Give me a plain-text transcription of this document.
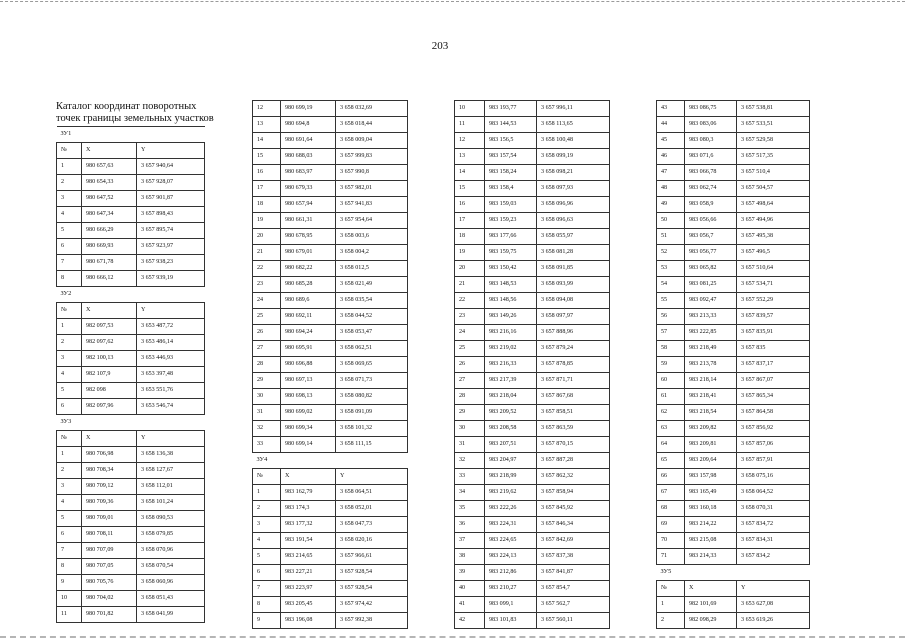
203
Каталог координат поворотных
точек границы земельных участков
ЗУ1		
№	X	Y
1	980 657,63	3 657 940,64
2	980 654,33	3 657 928,07
3	980 647,52	3 657 901,87
4	980 647,34	3 657 898,43
5	980 666,29	3 657 895,74
6	980 669,93	3 657 923,97
7	980 671,78	3 657 938,23
8	980 666,12	3 657 939,19
ЗУ2		
№	X	Y
1	982 097,53	3 653 487,72
2	982 097,62	3 653 486,14
3	982 100,13	3 653 446,93
4	982 107,9	3 653 397,48
5	982 098	3 653 551,76
6	982 097,96	3 653 546,74
ЗУ3		
№	X	Y
1	980 706,98	3 658 136,38
2	980 708,34	3 658 127,67
3	980 709,12	3 658 112,01
4	980 709,36	3 658 101,24
5	980 709,01	3 658 090,53
6	980 708,11	3 658 079,85
7	980 707,09	3 658 070,96
8	980 707,05	3 658 070,54
9	980 705,76	3 658 060,96
10	980 704,02	3 658 051,43
11	980 701,82	3 658 041,99
12	980 699,19	3 658 032,69
13	980 694,8	3 658 018,44
14	980 691,64	3 658 009,04
15	980 688,03	3 657 999,83
16	980 683,97	3 657 990,8
17	980 679,33	3 657 982,01
18	980 657,94	3 657 941,83
19	980 661,31	3 657 954,64
20	980 678,95	3 658 003,6
21	980 679,01	3 658 004,2
22	980 682,22	3 658 012,5
23	980 685,28	3 658 021,49
24	980 689,6	3 658 035,54
25	980 692,11	3 658 044,52
26	980 694,24	3 658 053,47
27	980 695,91	3 658 062,51
28	980 696,88	3 658 069,65
29	980 697,13	3 658 071,73
30	980 698,13	3 658 080,82
31	980 699,02	3 658 091,09
32	980 699,34	3 658 101,32
33	980 699,14	3 658 111,15
ЗУ4		
№	X	Y
1	983 162,79	3 658 064,51
2	983 174,3	3 658 052,01
3	983 177,32	3 658 047,73
4	983 191,54	3 658 020,16
5	983 214,65	3 657 966,61
6	983 227,21	3 657 928,54
7	983 223,97	3 657 928,54
8	983 205,45	3 657 974,42
9	983 196,08	3 657 992,38
10	983 193,77	3 657 996,11
11	983 144,53	3 658 113,65
12	983 156,5	3 658 100,48
13	983 157,54	3 658 099,19
14	983 158,24	3 658 098,21
15	983 158,4	3 658 097,93
16	983 159,03	3 658 096,96
17	983 159,23	3 658 096,63
18	983 177,66	3 658 055,97
19	983 159,75	3 658 081,28
20	983 150,42	3 658 091,85
21	983 148,53	3 658 093,99
22	983 148,56	3 658 094,08
23	983 149,26	3 658 097,97
24	983 216,16	3 657 888,96
25	983 219,02	3 657 879,24
26	983 216,33	3 657 878,85
27	983 217,39	3 657 871,71
28	983 218,04	3 657 867,68
29	983 209,52	3 657 858,51
30	983 208,58	3 657 863,59
31	983 207,51	3 657 870,15
32	983 204,97	3 657 887,28
33	983 218,99	3 657 862,32
34	983 219,62	3 657 858,94
35	983 222,26	3 657 845,92
36	983 224,31	3 657 846,34
37	983 224,65	3 657 842,69
38	983 224,13	3 657 837,38
39	983 212,86	3 657 841,87
40	983 210,27	3 657 854,7
41	983 099,1	3 657 562,7
42	983 101,83	3 657 560,11
43	983 086,75	3 657 538,81
44	983 083,06	3 657 533,51
45	983 080,3	3 657 529,58
46	983 071,6	3 657 517,35
47	983 066,78	3 657 510,4
48	983 062,74	3 657 504,57
49	983 058,9	3 657 498,64
50	983 056,66	3 657 494,96
51	983 056,7	3 657 495,38
52	983 056,77	3 657 496,5
53	983 065,82	3 657 510,64
54	983 081,25	3 657 534,71
55	983 092,47	3 657 552,29
56	983 213,33	3 657 839,57
57	983 222,85	3 657 835,91
58	983 218,49	3 657 835
59	983 213,78	3 657 837,17
60	983 218,14	3 657 867,07
61	983 218,41	3 657 865,34
62	983 218,54	3 657 864,58
63	983 209,82	3 657 856,92
64	983 209,81	3 657 857,06
65	983 209,64	3 657 857,91
66	983 157,98	3 658 075,16
67	983 165,49	3 658 064,52
68	983 160,18	3 658 070,31
69	983 214,22	3 657 834,72
70	983 215,08	3 657 834,31
71	983 214,33	3 657 834,2
ЗУ5		
№	X	Y
1	982 101,69	3 653 627,08
2	982 098,29	3 653 619,26
